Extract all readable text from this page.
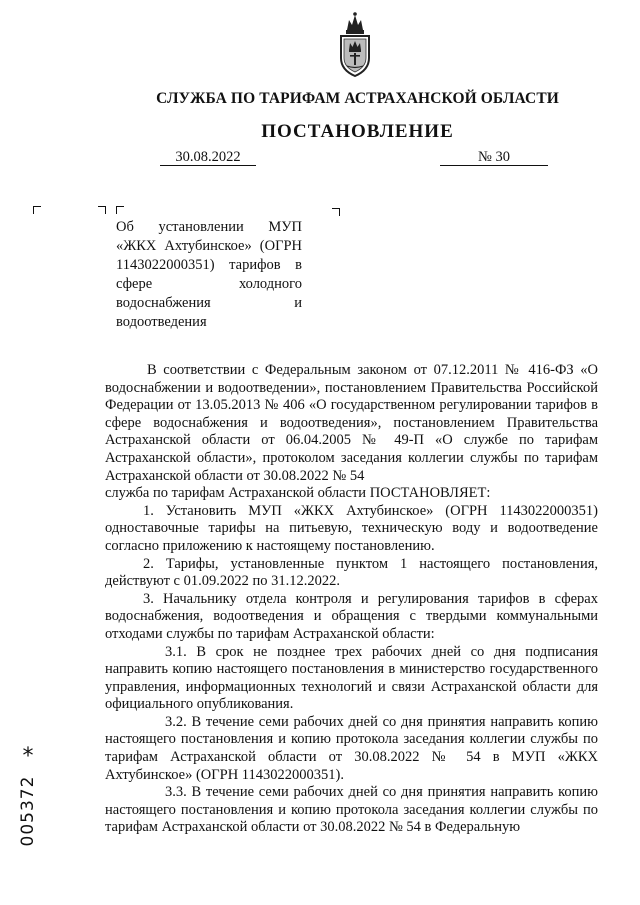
СЛУЖБА ПО ТАРИФАМ АСТРАХАНСКОЙ ОБЛАСТИ
ПОСТАНОВЛЕНИЕ
30.08.2022	№ 30
Об установлении МУП «ЖКХ Ахтубинское» (ОГРН 1143022000351) тарифов в сфере холодного водоснабжения и водоотведения

В соответствии с Федеральным законом от 07.12.2011 № 416-ФЗ «О водоснабжении и водоотведении», постановлением Правительства Российской Федерации от 13.05.2013 № 406 «О государственном регулировании тарифов в сфере водоснабжения и водоотведения», постановлением Правительства Астраханской области от 06.04.2005 № 49-П «О службе по тарифам Астраханской области», протоколом заседания коллегии службы по тарифам Астраханской области от 30.08.2022 № 54

служба по тарифам Астраханской области ПОСТАНОВЛЯЕТ:

1. Установить МУП «ЖКХ Ахтубинское» (ОГРН 1143022000351) одноставочные тарифы на питьевую, техническую воду и водоотведение согласно приложению к настоящему постановлению.

2. Тарифы, установленные пунктом 1 настоящего постановления, действуют с 01.09.2022 по 31.12.2022.

3. Начальнику отдела контроля и регулирования тарифов в сферах водоснабжения, водоотведения и обращения с твердыми коммунальными отходами службы по тарифам Астраханской области:

3.1. В срок не позднее трех рабочих дней со дня подписания направить копию настоящего постановления в министерство государственного управления, информационных технологий и связи Астраханской области для официального опубликования.

3.2. В течение семи рабочих дней со дня принятия направить копию настоящего постановления и копию протокола заседания коллегии службы по тарифам Астраханской области от 30.08.2022 № 54 в МУП «ЖКХ Ахтубинское» (ОГРН 1143022000351).

3.3. В течение семи рабочих дней со дня принятия направить копию настоящего постановления и копию протокола заседания коллегии службы по тарифам Астраханской области от 30.08.2022 № 54 в Федеральную

*
005372
